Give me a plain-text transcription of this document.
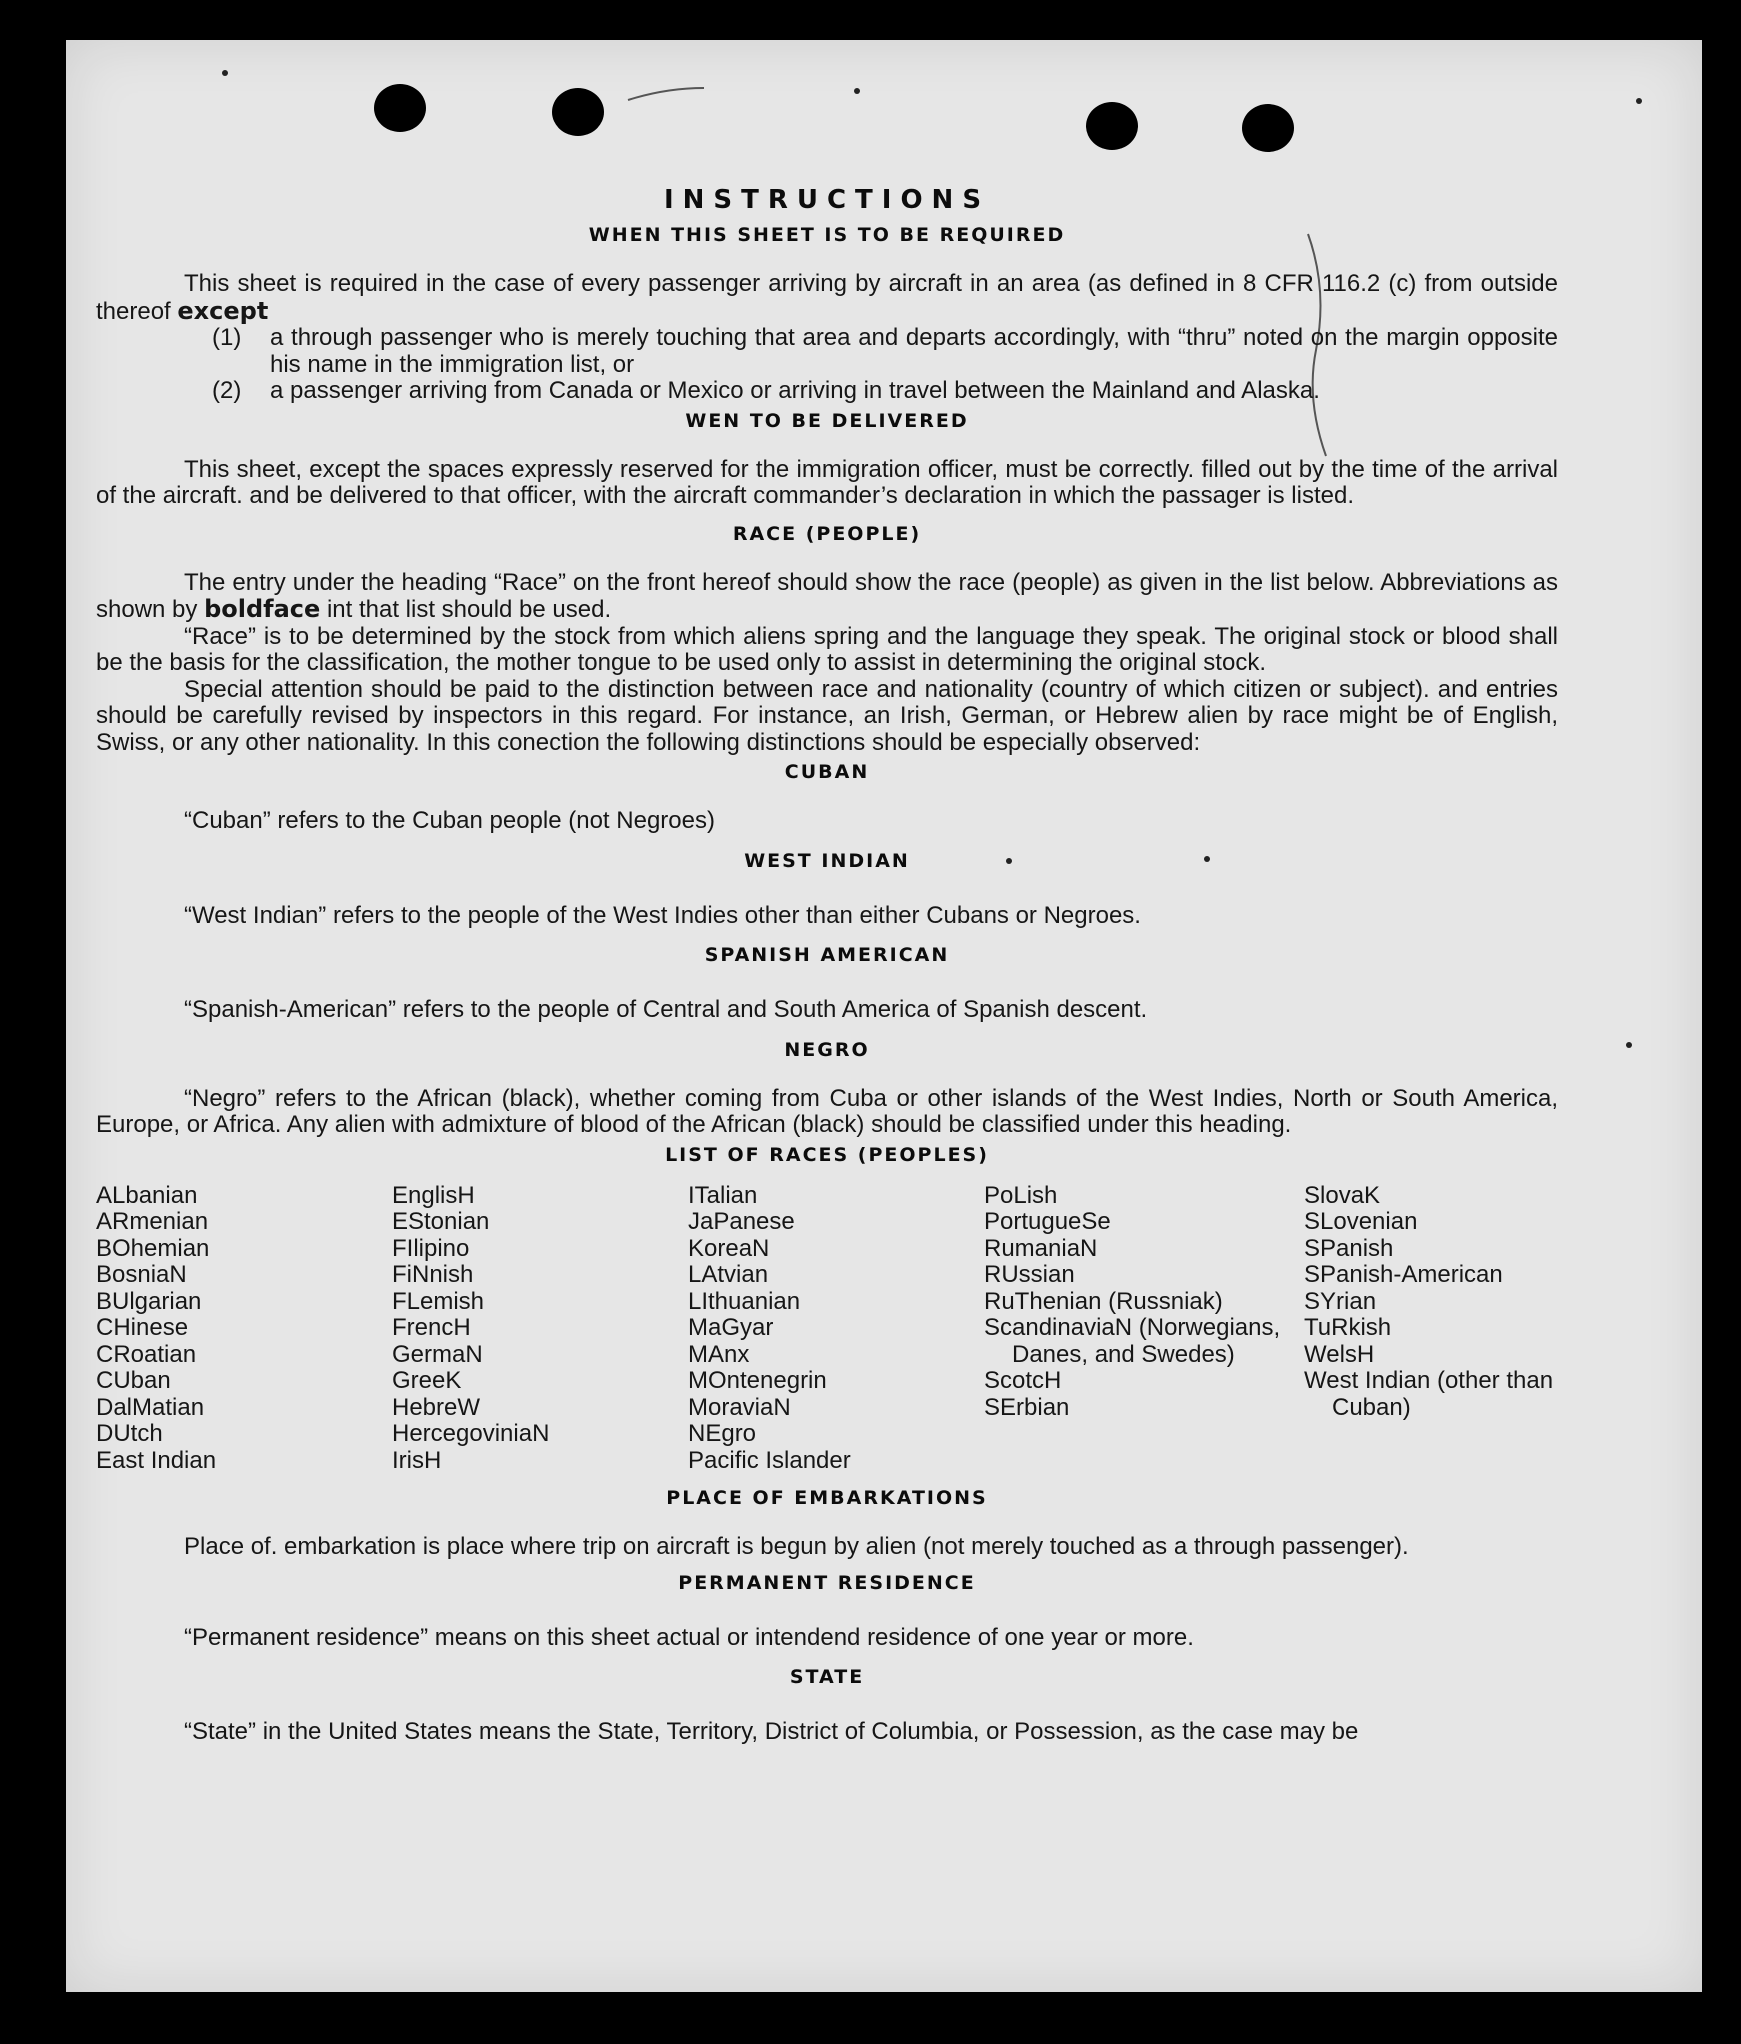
INSTRUCTIONS
WHEN THIS SHEET IS TO BE REQUIRED

This sheet is required in the case of every passenger arriving by aircraft in an area (as defined in 8 CFR 116.2 (c) from outside thereof except

(1)	a through passenger who is merely touching that area and departs accordingly, with “thru” noted on the margin opposite his name in the immigration list, or
(2)	a passenger arriving from Canada or Mexico or arriving in travel between the Mainland and Alaska.
WEN TO BE DELIVERED

This sheet, except the spaces expressly reserved for the immigration officer, must be correctly. filled out by the time of the arrival of the aircraft. and be delivered to that officer, with the aircraft commander’s declaration in which the passager is listed.

RACE (PEOPLE)

The entry under the heading “Race” on the front hereof should show the race (people) as given in the list below. Abbreviations as shown by boldface int that list should be used.

“Race” is to be determined by the stock from which aliens spring and the language they speak. The original stock or blood shall be the basis for the classification, the mother tongue to be used only to assist in determining the original stock.

Special attention should be paid to the distinction between race and nationality (country of which citizen or subject). and entries should be carefully revised by inspectors in this regard. For instance, an Irish, German, or Hebrew alien by race might be of English, Swiss, or any other nationality. In this conection the following distinctions should be especially observed:

CUBAN

“Cuban” refers to the Cuban people (not Negroes)

WEST INDIAN

“West Indian” refers to the people of the West Indies other than either Cubans or Negroes.

SPANISH AMERICAN

“Spanish-American” refers to the people of Central and South America of Spanish descent.

NEGRO

“Negro” refers to the African (black), whether coming from Cuba or other islands of the West Indies, North or South America, Europe, or Africa. Any alien with admixture of blood of the African (black) should be classified under this heading.

LIST OF RACES (PEOPLES)
ALbanian
ARmenian
BOhemian
BosniaN
BUlgarian
CHinese
CRoatian
CUban
DalMatian
DUtch
East Indian
EnglisH
EStonian
FIlipino
FiNnish
FLemish
FrencH
GermaN
GreeK
HebreW
HercegoviniaN
IrisH
ITalian
JaPanese
KoreaN
LAtvian
LIthuanian
MaGyar
MAnx
MOntenegrin
MoraviaN
NEgro
Pacific Islander
PoLish
PortugueSe
RumaniaN
RUssian
RuThenian (Russniak)
ScandinaviaN (Norwegians, Danes, and Swedes)
ScotcH
SErbian
SlovaK
SLovenian
SPanish
SPanish-American
SYrian
TuRkish
WelsH
West Indian (other than Cuban)
PLACE OF EMBARKATIONS

Place of. embarkation is place where trip on aircraft is begun by alien (not merely touched as a through passenger).

PERMANENT RESIDENCE

“Permanent residence” means on this sheet actual or intendend residence of one year or more.

STATE

“State” in the United States means the State, Territory, District of Columbia, or Possession, as the case may be
